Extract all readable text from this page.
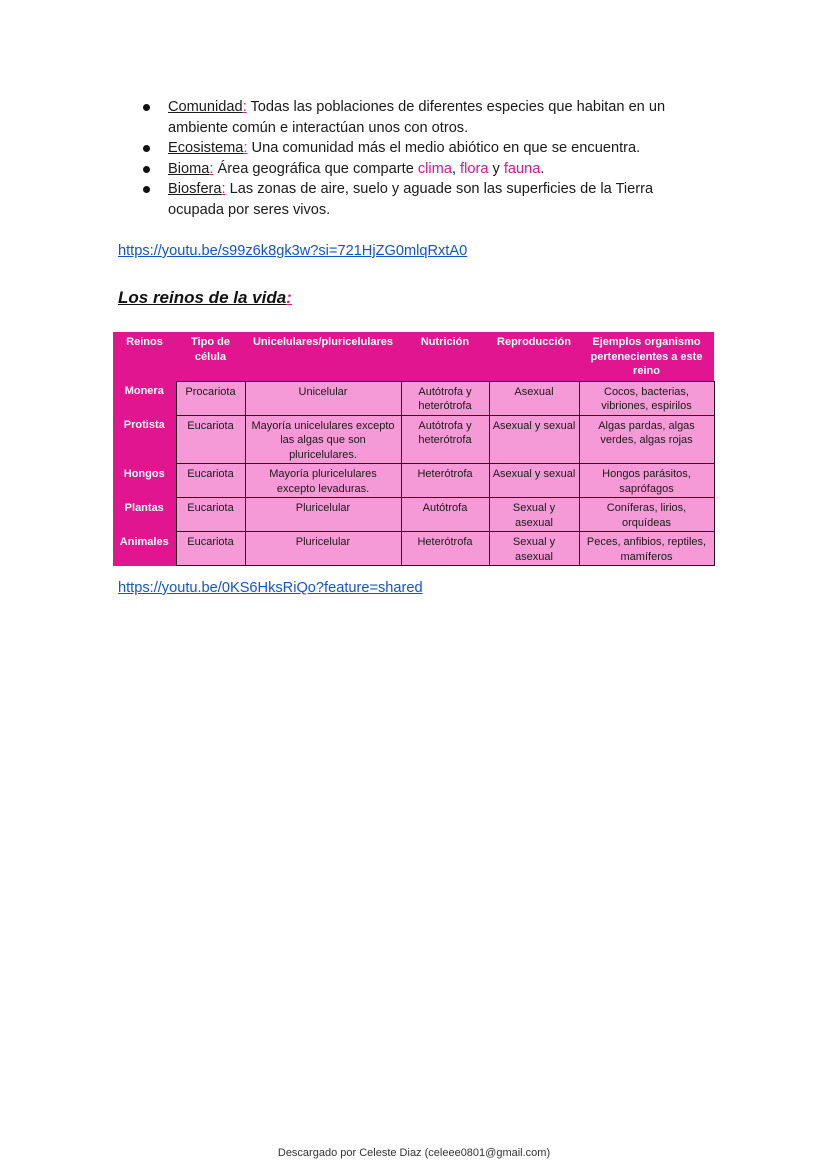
Comunidad: Todas las poblaciones de diferentes especies que habitan en un ambiente común e interactúan unos con otros.
Ecosistema: Una comunidad más el medio abiótico en que se encuentra.
Bioma: Área geográfica que comparte clima, flora y fauna.
Biosfera: Las zonas de aire, suelo y aguade son las superficies de la Tierra ocupada por seres vivos.
https://youtu.be/s99z6k8gk3w?si=721HjZG0mlqRxtA0
Los reinos de la vida:
Reinos	Tipo de célula	Unicelulares/pluricelulares	Nutrición	Reproducción	Ejemplos organismo pertenecientes a este reino
Monera	Procariota	Unicelular	Autótrofa y heterótrofa	Asexual	Cocos, bacterias, vibriones, espirilos
Protista	Eucariota	Mayoría unicelulares excepto las algas que son pluricelulares.	Autótrofa y heterótrofa	Asexual y sexual	Algas pardas, algas verdes, algas rojas
Hongos	Eucariota	Mayoría pluricelulares excepto levaduras.	Heterótrofa	Asexual y sexual	Hongos parásitos, saprófagos
Plantas	Eucariota	Pluricelular	Autótrofa	Sexual y asexual	Coníferas, lirios, orquídeas
Animales	Eucariota	Pluricelular	Heterótrofa	Sexual y asexual	Peces, anfibios, reptiles, mamíferos
https://youtu.be/0KS6HksRiQo?feature=shared
Descargado por Celeste Diaz (celeee0801@gmail.com)
